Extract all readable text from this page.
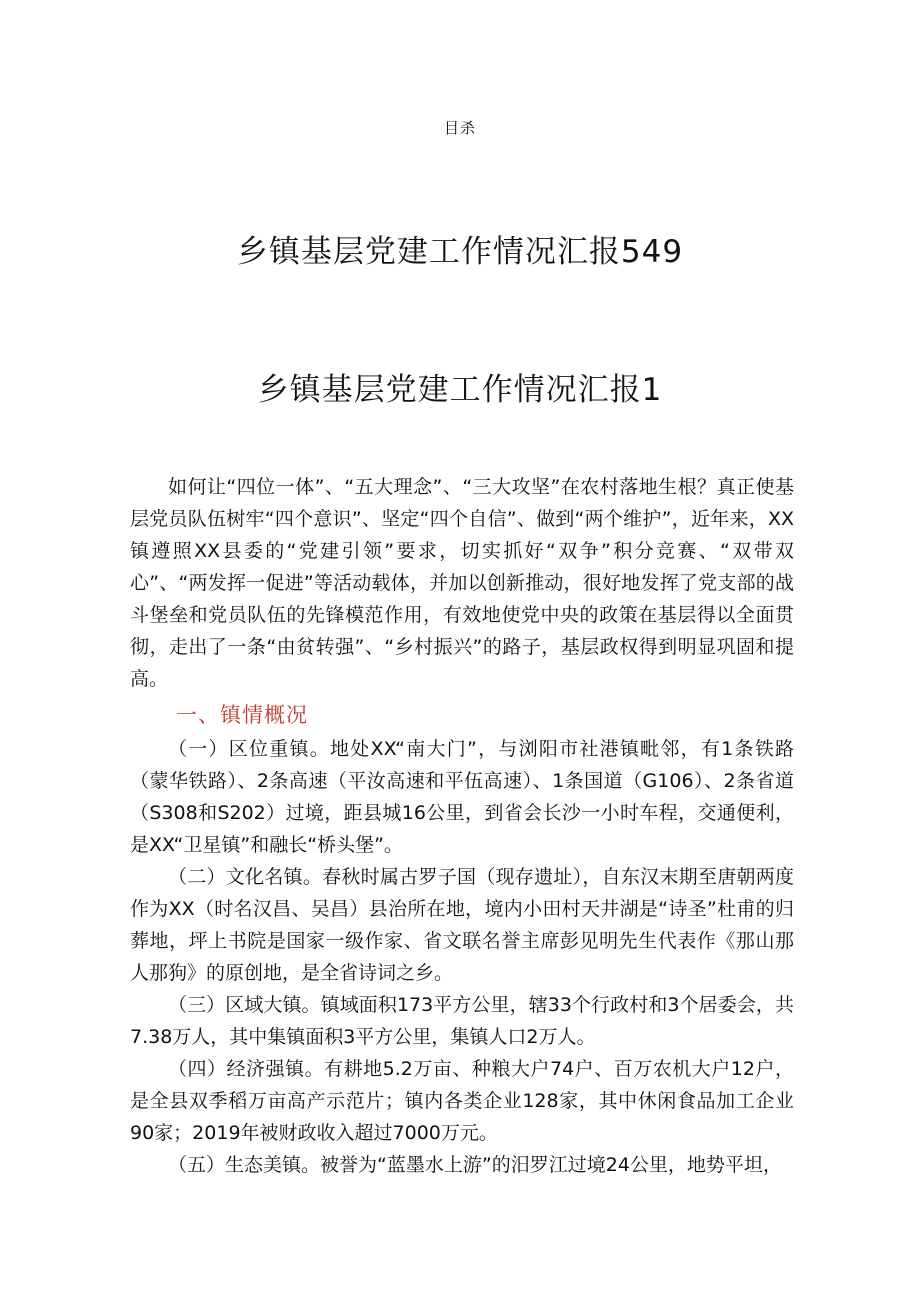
目杀
乡镇基层党建工作情况汇报549
乡镇基层党建工作情况汇报1

如何让“四位一体”、“五大理念”、“三大攻坚”在农村落地生根？真正使基层党员队伍树牢“四个意识”、坚定“四个自信”、做到“两个维护”，近年来，XX镇遵照XX县委的“党建引领”要求，切实抓好“双争”积分竞赛、“双带双心”、“两发挥一促进”等活动载体，并加以创新推动，很好地发挥了党支部的战斗堡垒和党员队伍的先锋模范作用，有效地使党中央的政策在基层得以全面贯彻，走出了一条“由贫转强”、“乡村振兴”的路子，基层政权得到明显巩固和提高。

一、镇情概况

（一）区位重镇。地处XX“南大门”，与浏阳市社港镇毗邻，有1条铁路（蒙华铁路）、2条高速（平汝高速和平伍高速）、1条国道（G106）、2条省道（S308和S202）过境，距县城16公里，到省会长沙一小时车程，交通便利，是XX“卫星镇”和融长“桥头堡”。

（二）文化名镇。春秋时属古罗子国（现存遗址），自东汉末期至唐朝两度作为XX（时名汉昌、吴昌）县治所在地，境内小田村天井湖是“诗圣”杜甫的归葬地，坪上书院是国家一级作家、省文联名誉主席彭见明先生代表作《那山那人那狗》的原创地，是全省诗词之乡。

（三）区域大镇。镇域面积173平方公里，辖33个行政村和3个居委会，共7.38万人，其中集镇面积3平方公里，集镇人口2万人。

（四）经济强镇。有耕地5.2万亩、种粮大户74户、百万农机大户12户，是全县双季稻万亩高产示范片；镇内各类企业128家，其中休闲食品加工企业90家；2019年被财政收入超过7000万元。

（五）生态美镇。被誉为“蓝墨水上游”的汨罗江过境24公里，地势平坦，
